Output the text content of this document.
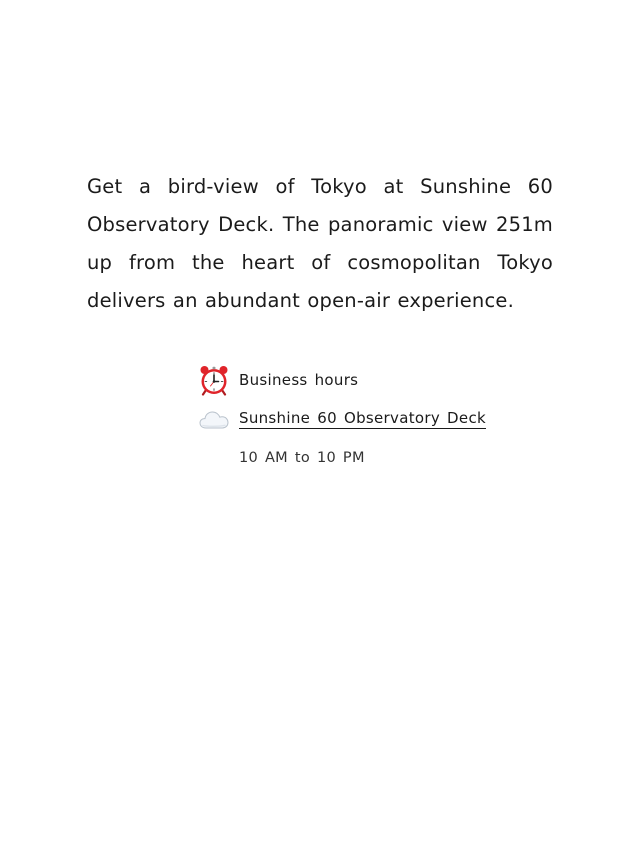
Get a bird-view of Tokyo at Sunshine 60 Observatory Deck. The panoramic view 251m up from the heart of cosmopolitan Tokyo delivers an abundant open-air experience.

Business hours
Sunshine 60 Observatory Deck
10 AM to 10 PM
